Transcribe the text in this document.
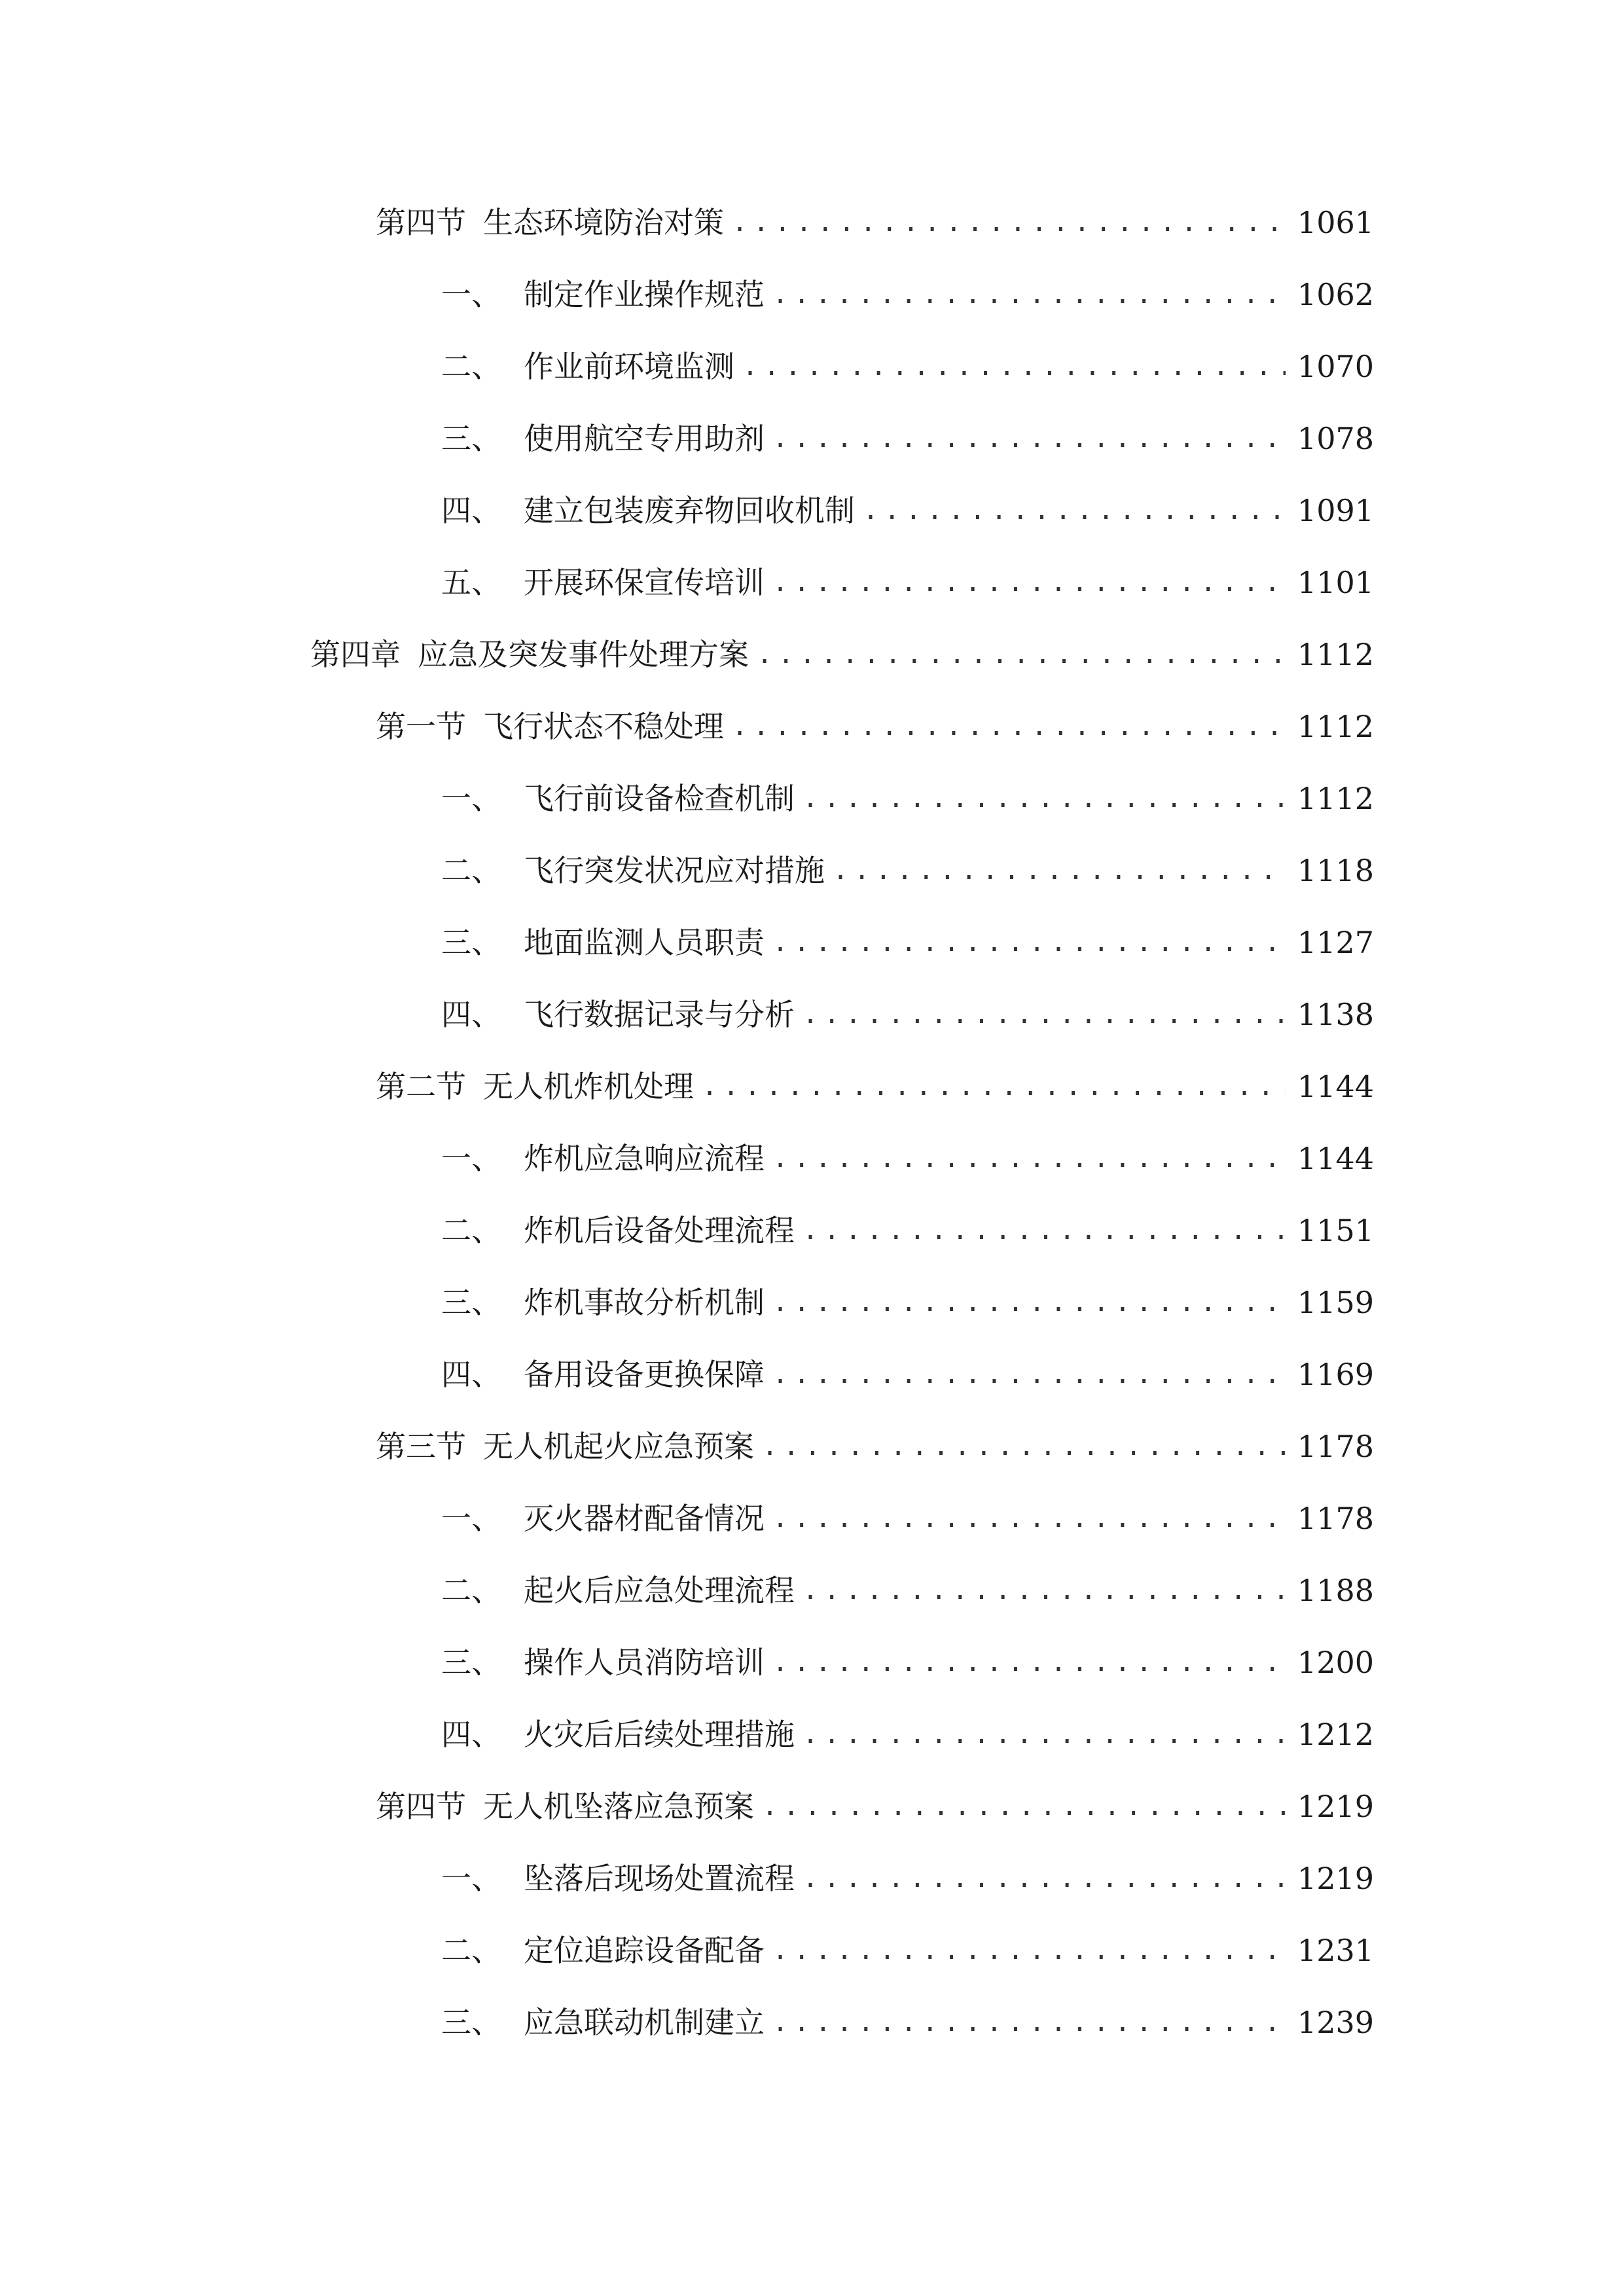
第四节 生态环境防治对策 .....	1061
一、 制定作业操作规范 .....	1062
二、 作业前环境监测 .....	1070
三、 使用航空专用助剂 .....	1078
四、 建立包装废弃物回收机制 .....	1091
五、 开展环保宣传培训 .....	1101
第四章 应急及突发事件处理方案 .....	1112
第一节 飞行状态不稳处理 .....	1112
一、 飞行前设备检查机制 .....	1112
二、 飞行突发状况应对措施 .....	1118
三、 地面监测人员职责 .....	1127
四、 飞行数据记录与分析 .....	1138
第二节 无人机炸机处理 .....	1144
一、 炸机应急响应流程 .....	1144
二、 炸机后设备处理流程 .....	1151
三、 炸机事故分析机制 .....	1159
四、 备用设备更换保障 .....	1169
第三节 无人机起火应急预案 .....	1178
一、 灭火器材配备情况 .....	1178
二、 起火后应急处理流程 .....	1188
三、 操作人员消防培训 .....	1200
四、 火灾后后续处理措施 .....	1212
第四节 无人机坠落应急预案 .....	1219
一、 坠落后现场处置流程 .....	1219
二、 定位追踪设备配备 .....	1231
三、 应急联动机制建立 .....	1239
